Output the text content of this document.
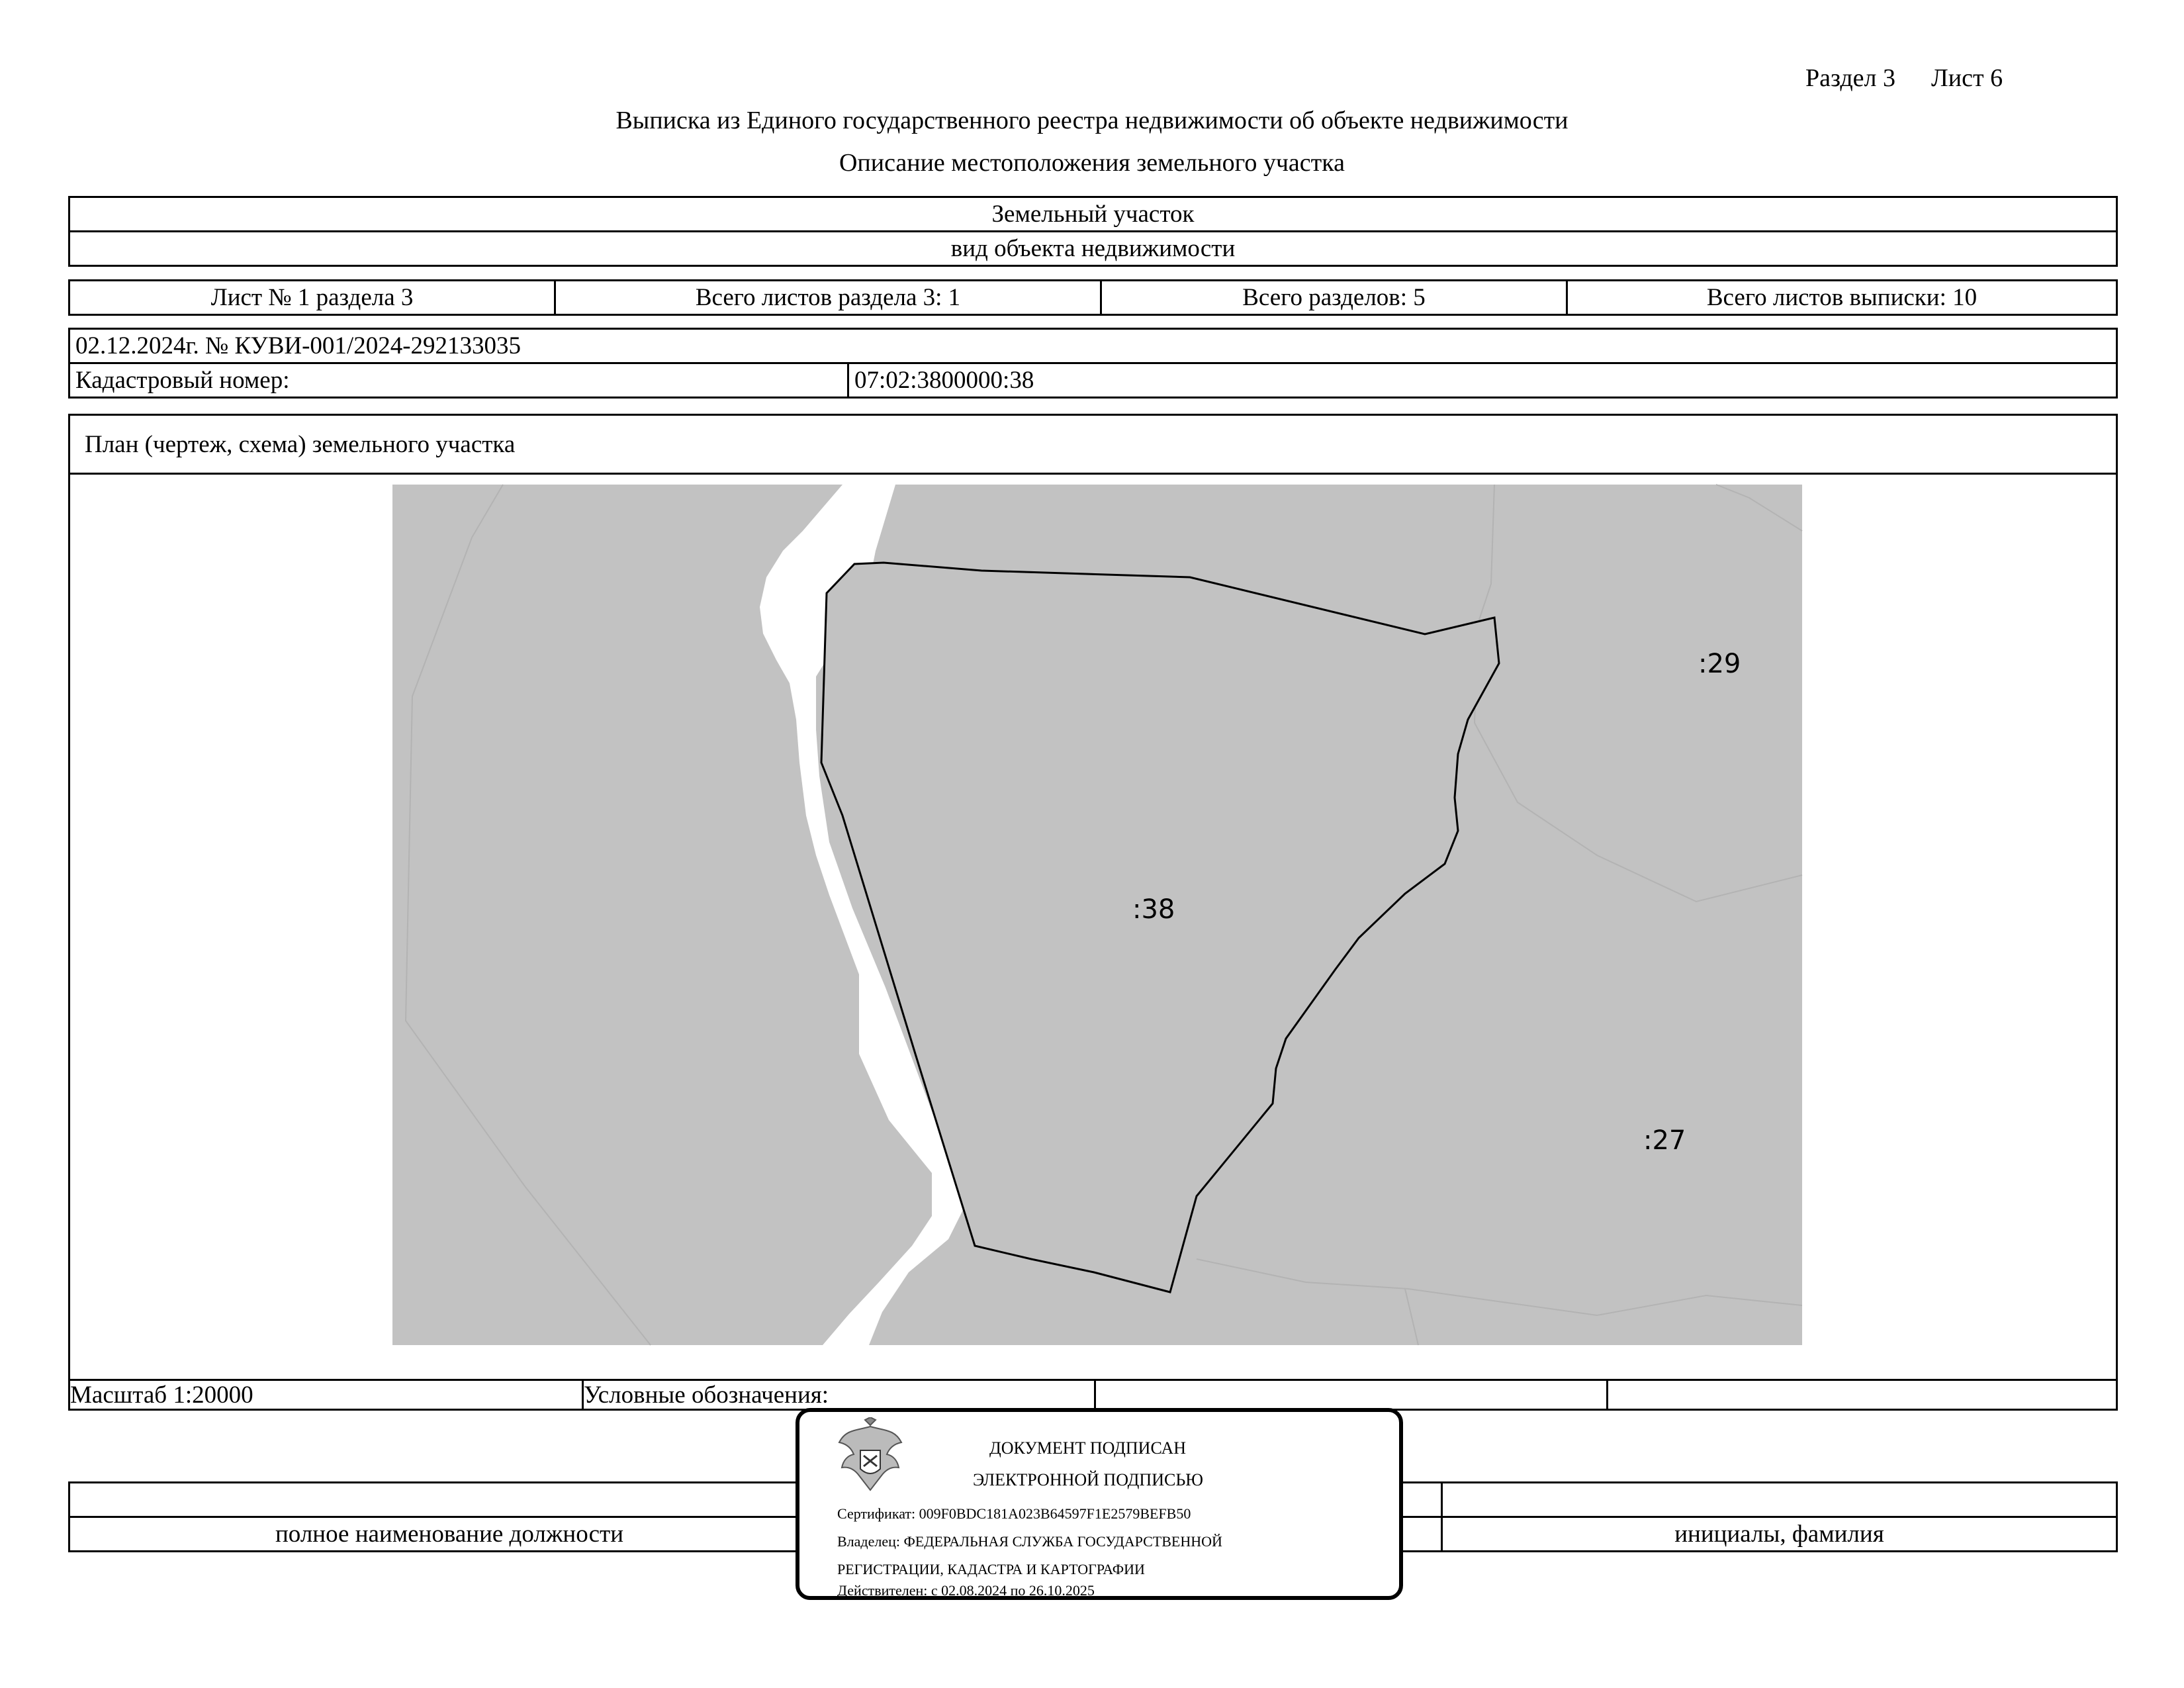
Раздел 3 Лист 6
Выписка из Единого государственного реестра недвижимости об объекте недвижимости
Описание местоположения земельного участка
Земельный участок
вид объекта недвижимости
Лист № 1 раздела 3	Всего листов раздела 3: 1	Всего разделов: 5	Всего листов выписки: 10
02.12.2024г. № КУВИ-001/2024-292133035
Кадастровый номер:	07:02:3800000:38
План (чертеж, схема) земельного участка
:38
:29
:27
Масштаб 1:20000	Условные обозначения:
полное наименование должности	инициалы, фамилия
ДОКУМЕНТ ПОДПИСАН
ЭЛЕКТРОННОЙ ПОДПИСЬЮ
Сертификат: 009F0BDC181A023B64597F1E2579BEFB50
Владелец: ФЕДЕРАЛЬНАЯ СЛУЖБА ГОСУДАРСТВЕННОЙ
РЕГИСТРАЦИИ, КАДАСТРА И КАРТОГРАФИИ
Действителен: с 02.08.2024 по 26.10.2025
